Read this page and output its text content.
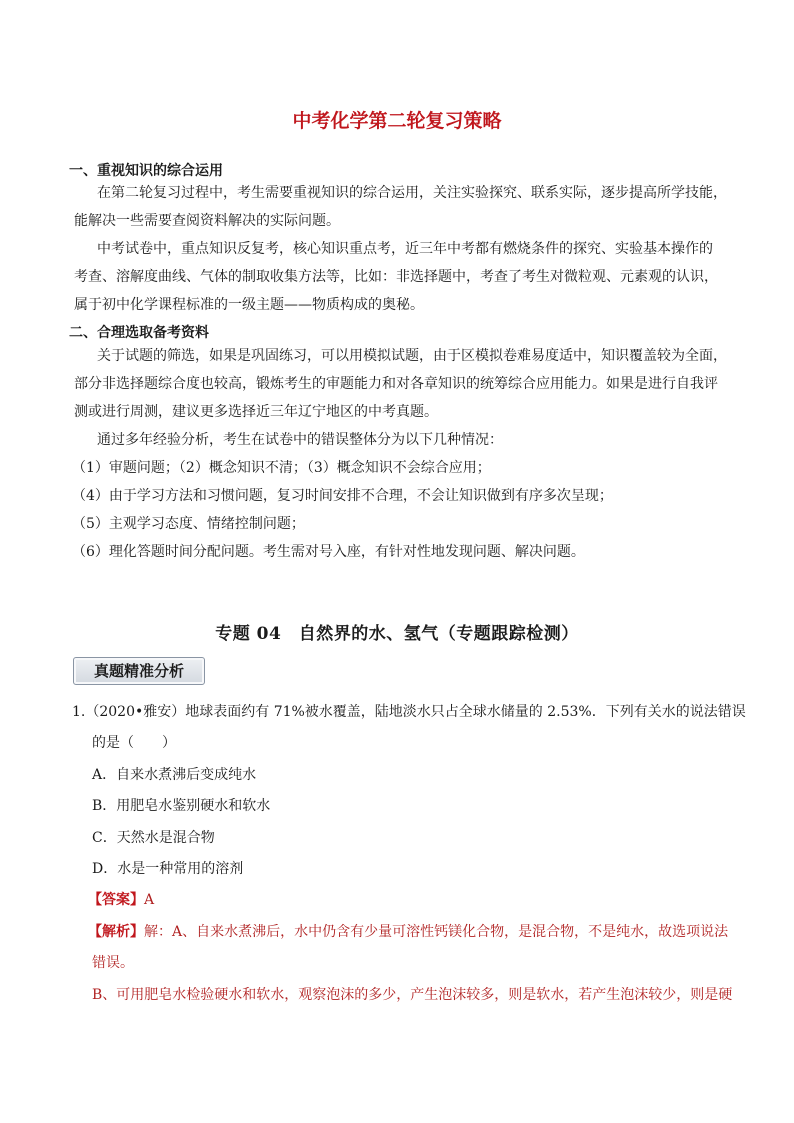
中考化学第二轮复习策略
一、重视知识的综合运用
在第二轮复习过程中，考生需要重视知识的综合运用，关注实验探究、联系实际，逐步提高所学技能，
能解决一些需要查阅资料解决的实际问题。
中考试卷中，重点知识反复考，核心知识重点考，近三年中考都有燃烧条件的探究、实验基本操作的
考查、溶解度曲线、气体的制取收集方法等，比如：非选择题中，考查了考生对微粒观、元素观的认识，
属于初中化学课程标准的一级主题——物质构成的奥秘。
二、合理选取备考资料
关于试题的筛选，如果是巩固练习，可以用模拟试题，由于区模拟卷难易度适中，知识覆盖较为全面，
部分非选择题综合度也较高，锻炼考生的审题能力和对各章知识的统筹综合应用能力。如果是进行自我评
测或进行周测，建议更多选择近三年辽宁地区的中考真题。
通过多年经验分析，考生在试卷中的错误整体分为以下几种情况：
（1）审题问题；（2）概念知识不清；（3）概念知识不会综合应用；
（4）由于学习方法和习惯问题，复习时间安排不合理，不会让知识做到有序多次呈现；
（5）主观学习态度、情绪控制问题；
（6）理化答题时间分配问题。考生需对号入座，有针对性地发现问题、解决问题。
专题 04　自然界的水、氢气（专题跟踪检测）
真题精准分析
1.（2020•雅安）地球表面约有 71%被水覆盖，陆地淡水只占全球水储量的 2.53%．下列有关水的说法错误
的是（　　）
A．自来水煮沸后变成纯水
B．用肥皂水鉴别硬水和软水
C．天然水是混合物
D．水是一种常用的溶剂
【答案】A
【解析】解：A、自来水煮沸后，水中仍含有少量可溶性钙镁化合物，是混合物，不是纯水，故选项说法
错误。
B、可用肥皂水检验硬水和软水，观察泡沫的多少，产生泡沫较多，则是软水，若产生泡沫较少，则是硬
